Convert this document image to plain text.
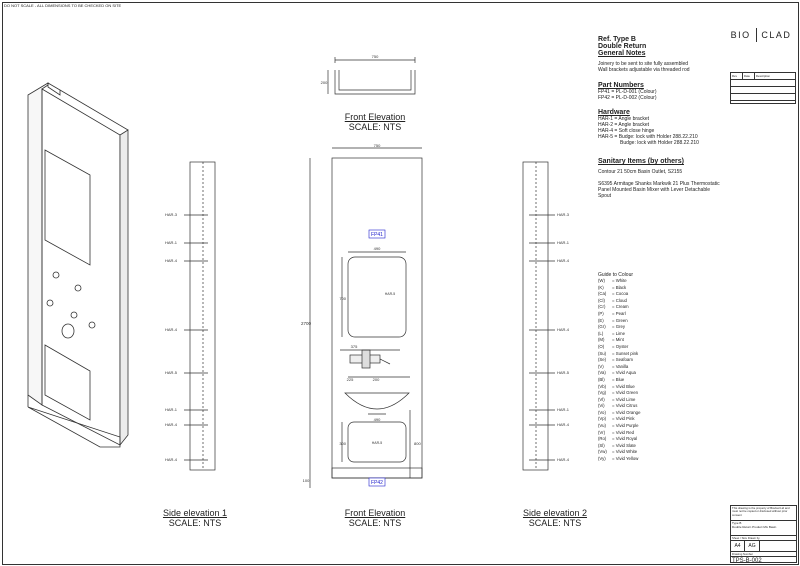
DO NOT SCALE - ALL DIMENSIONS TO BE CHECKED ON SITE
750
200
Front Elevation
SCALE: NTS
HAR-3
HAR-1
HAR-4
HAR-4
HAR-5
HAR-1
HAR-4
HAR-4
Side elevation 1
SCALE: NTS
FP41
FP42
750
2700
100
490
700
HAR-5
375
225	200
490
300	800
HAR-5
Front Elevation
SCALE: NTS
HAR-3
HAR-1
HAR-4
HAR-4
HAR-5
HAR-1
HAR-4
HAR-4
Side elevation 2
SCALE: NTS
BIO CLAD
Rev	Date	Description
Ref. Type B
Double Return
General Notes
Joinery to be sent to site fully assembled
Wall brackets adjustable via threaded rod
Part Numbers
FP41 = PL-D-001 (Colour)
FP42 = PL-D-002 (Colour)
Hardware
HAR-1 = Angle bracket
HAR-2 = Angle bracket
HAR-4 = Soft close hinge
HAR-5 = Budge: lock with Holder 288.22.210
Budge: lock with Holder 288.22.210
Sanitary Items (by others)
Contour 21 50cm Basin Outlet, S2155
S6395 Armitage Shanks Markwik 21 Plus Thermostatic
Panel Mounted Basin Mixer with Lever Detachable
Spout
Guide to Colour
(W) = White
(K) = Black
(Ca) = Cocoa
(Cl) = Cloud
(Cr) = Cream
(P) = Pearl
(E) = Green
(Gr) = Grey
(L) = Lime
(M) = Mint
(O) = Oyster
(Su) = Sunset pink
(Se) = Seafoam
(V) = Vanilla
(Va) = Vivid Aqua
(Bl) = Blue
(Vb) = Vivid Blue
(Vg) = Vivid Green
(Vl) = Vivid Lime
(Vi) = Vivid Citrus
(Vo) = Vivid Orange
(Vp) = Vivid Pink
(Vu) = Vivid Purple
(Vr) = Vivid Red
(Ro) = Vivid Royal
(Sl) = Vivid Slate
(Vw) = Vivid White
(Vy) = Vivid Yellow
This drawing is the property of Bioclad Ltd and must not be copied or disclosed without prior consent
Type B
Double Return Product Mix Basin
Sheet / Size Drawn by
A4	AG
Drawing Number
TPS-B-002
